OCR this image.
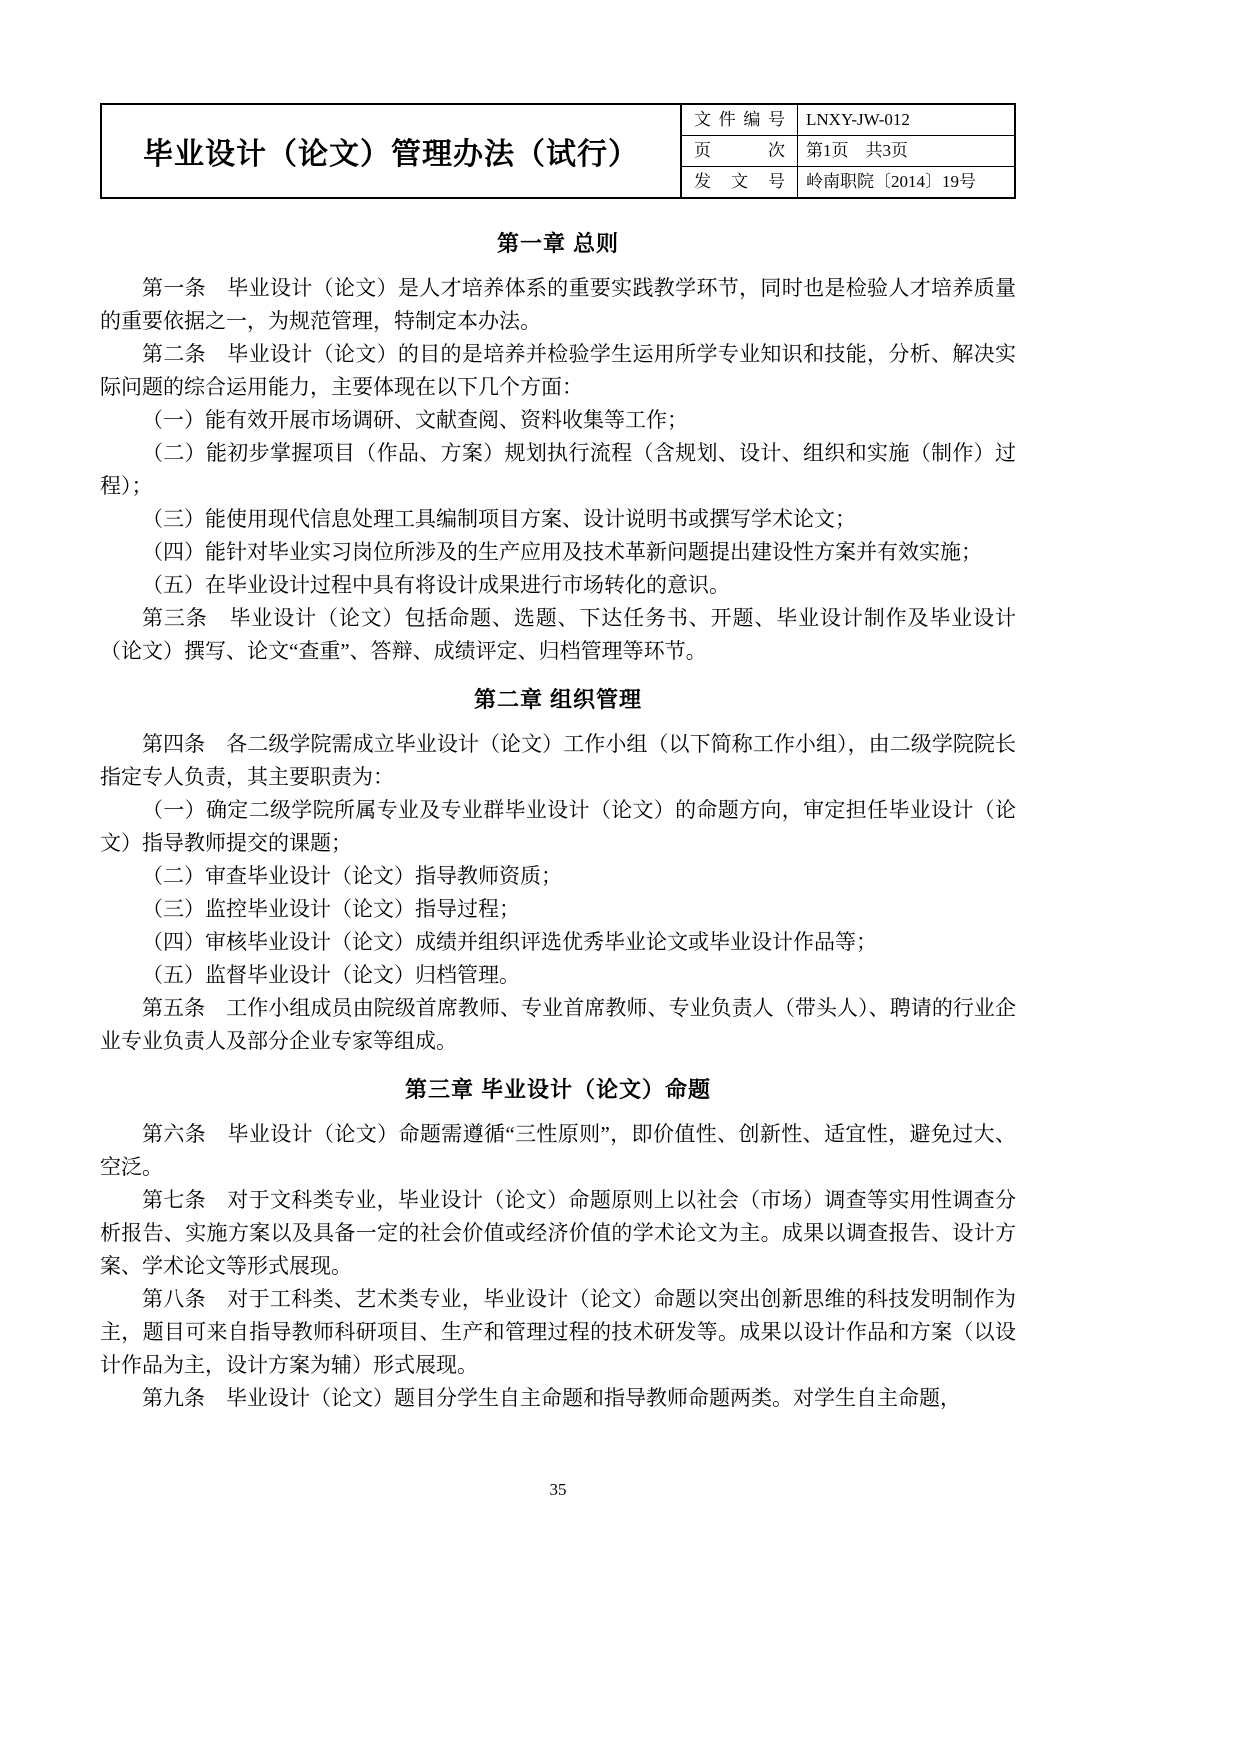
毕业设计（论文）管理办法（试行）
文件编号	LNXY-JW-012
页次	第1页　共3页
发文号	岭南职院〔2014〕19号
第一章 总则

第一条　毕业设计（论文）是人才培养体系的重要实践教学环节，同时也是检验人才培养质量的重要依据之一，为规范管理，特制定本办法。

第二条　毕业设计（论文）的目的是培养并检验学生运用所学专业知识和技能，分析、解决实际问题的综合运用能力，主要体现在以下几个方面：

（一）能有效开展市场调研、文献查阅、资料收集等工作；

（二）能初步掌握项目（作品、方案）规划执行流程（含规划、设计、组织和实施（制作）过程）；

（三）能使用现代信息处理工具编制项目方案、设计说明书或撰写学术论文；

（四）能针对毕业实习岗位所涉及的生产应用及技术革新问题提出建设性方案并有效实施；

（五）在毕业设计过程中具有将设计成果进行市场转化的意识。

第三条　毕业设计（论文）包括命题、选题、下达任务书、开题、毕业设计制作及毕业设计（论文）撰写、论文“查重”、答辩、成绩评定、归档管理等环节。

第二章 组织管理

第四条　各二级学院需成立毕业设计（论文）工作小组（以下简称工作小组），由二级学院院长指定专人负责，其主要职责为：

（一）确定二级学院所属专业及专业群毕业设计（论文）的命题方向，审定担任毕业设计（论文）指导教师提交的课题；

（二）审查毕业设计（论文）指导教师资质；

（三）监控毕业设计（论文）指导过程；

（四）审核毕业设计（论文）成绩并组织评选优秀毕业论文或毕业设计作品等；

（五）监督毕业设计（论文）归档管理。

第五条　工作小组成员由院级首席教师、专业首席教师、专业负责人（带头人）、聘请的行业企业专业负责人及部分企业专家等组成。

第三章 毕业设计（论文）命题

第六条　毕业设计（论文）命题需遵循“三性原则”，即价值性、创新性、适宜性，避免过大、空泛。

第七条　对于文科类专业，毕业设计（论文）命题原则上以社会（市场）调查等实用性调查分析报告、实施方案以及具备一定的社会价值或经济价值的学术论文为主。成果以调查报告、设计方案、学术论文等形式展现。

第八条　对于工科类、艺术类专业，毕业设计（论文）命题以突出创新思维的科技发明制作为主，题目可来自指导教师科研项目、生产和管理过程的技术研发等。成果以设计作品和方案（以设计作品为主，设计方案为辅）形式展现。

第九条　毕业设计（论文）题目分学生自主命题和指导教师命题两类。对学生自主命题，

35
